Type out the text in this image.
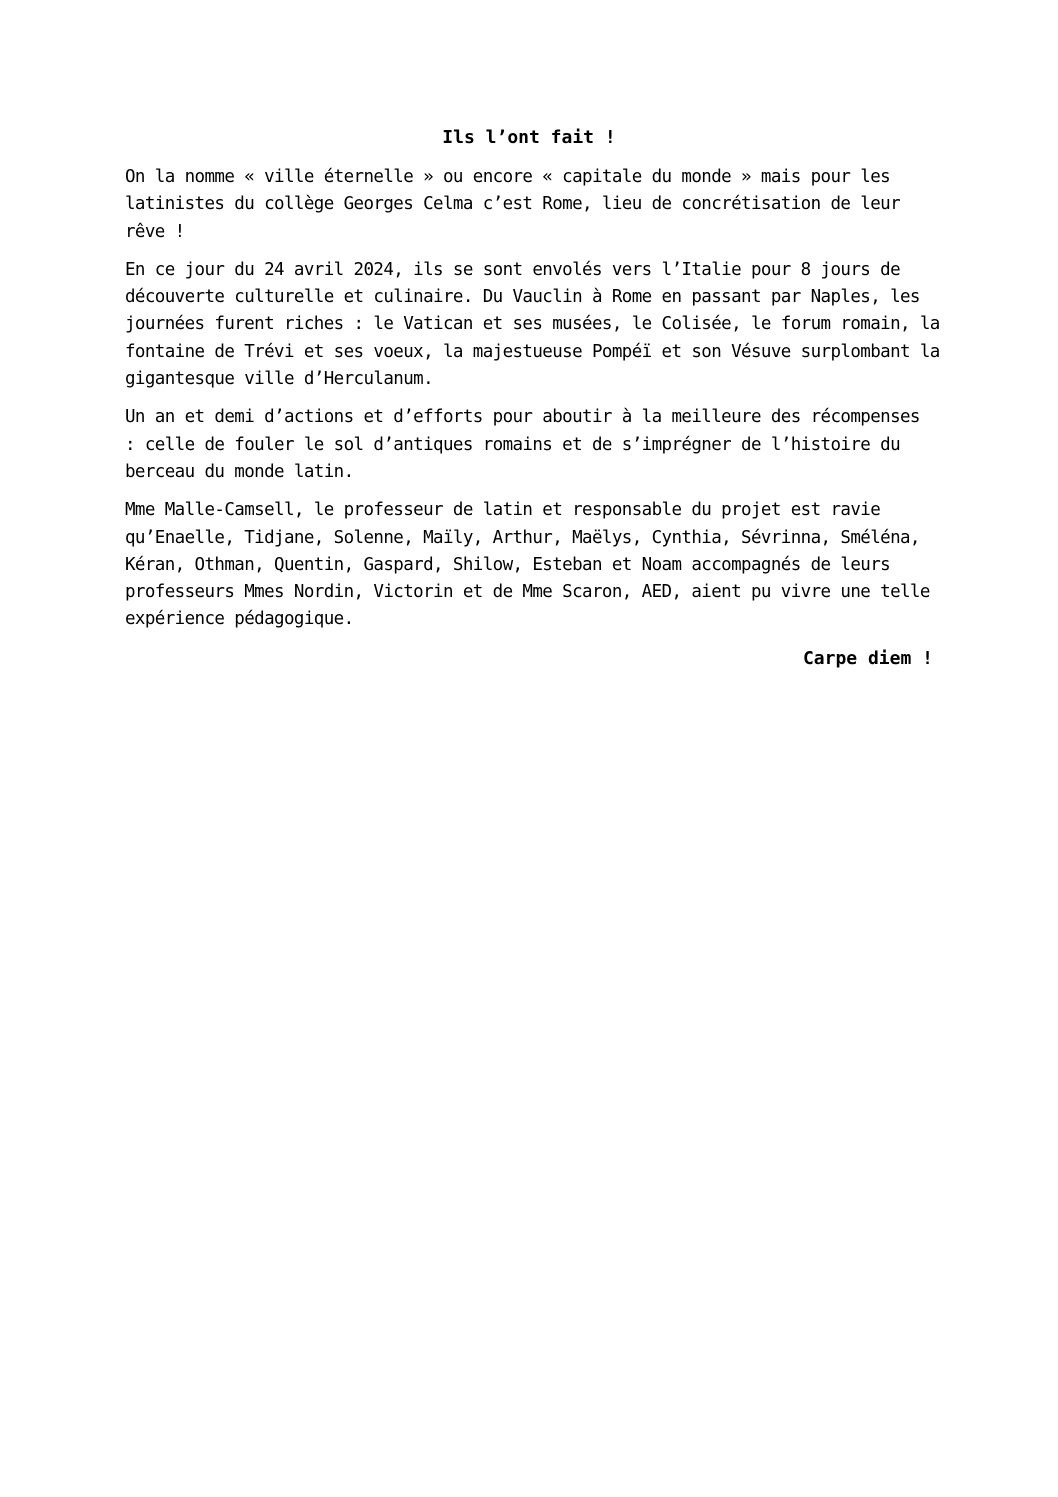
Ils l’ont fait !
On la nomme « ville éternelle » ou encore « capitale du monde » mais pour les
latinistes du collège Georges Celma c’est Rome, lieu de concrétisation de leur
rêve !
En ce jour du 24 avril 2024, ils se sont envolés vers l’Italie pour 8 jours de
découverte culturelle et culinaire. Du Vauclin à Rome en passant par Naples, les
journées furent riches : le Vatican et ses musées, le Colisée, le forum romain, la
fontaine de Trévi et ses voeux, la majestueuse Pompéï et son Vésuve surplombant la
gigantesque ville d’Herculanum.
Un an et demi d’actions et d’efforts pour aboutir à la meilleure des récompenses
: celle de fouler le sol d’antiques romains et de s’imprégner de l’histoire du
berceau du monde latin.
Mme Malle-Camsell, le professeur de latin et responsable du projet est ravie
qu’Enaelle, Tidjane, Solenne, Maïly, Arthur, Maëlys, Cynthia, Sévrinna, Sméléna,
Kéran, Othman, Quentin, Gaspard, Shilow, Esteban et Noam accompagnés de leurs
professeurs Mmes Nordin, Victorin et de Mme Scaron, AED, aient pu vivre une telle
expérience pédagogique.
Carpe diem !
